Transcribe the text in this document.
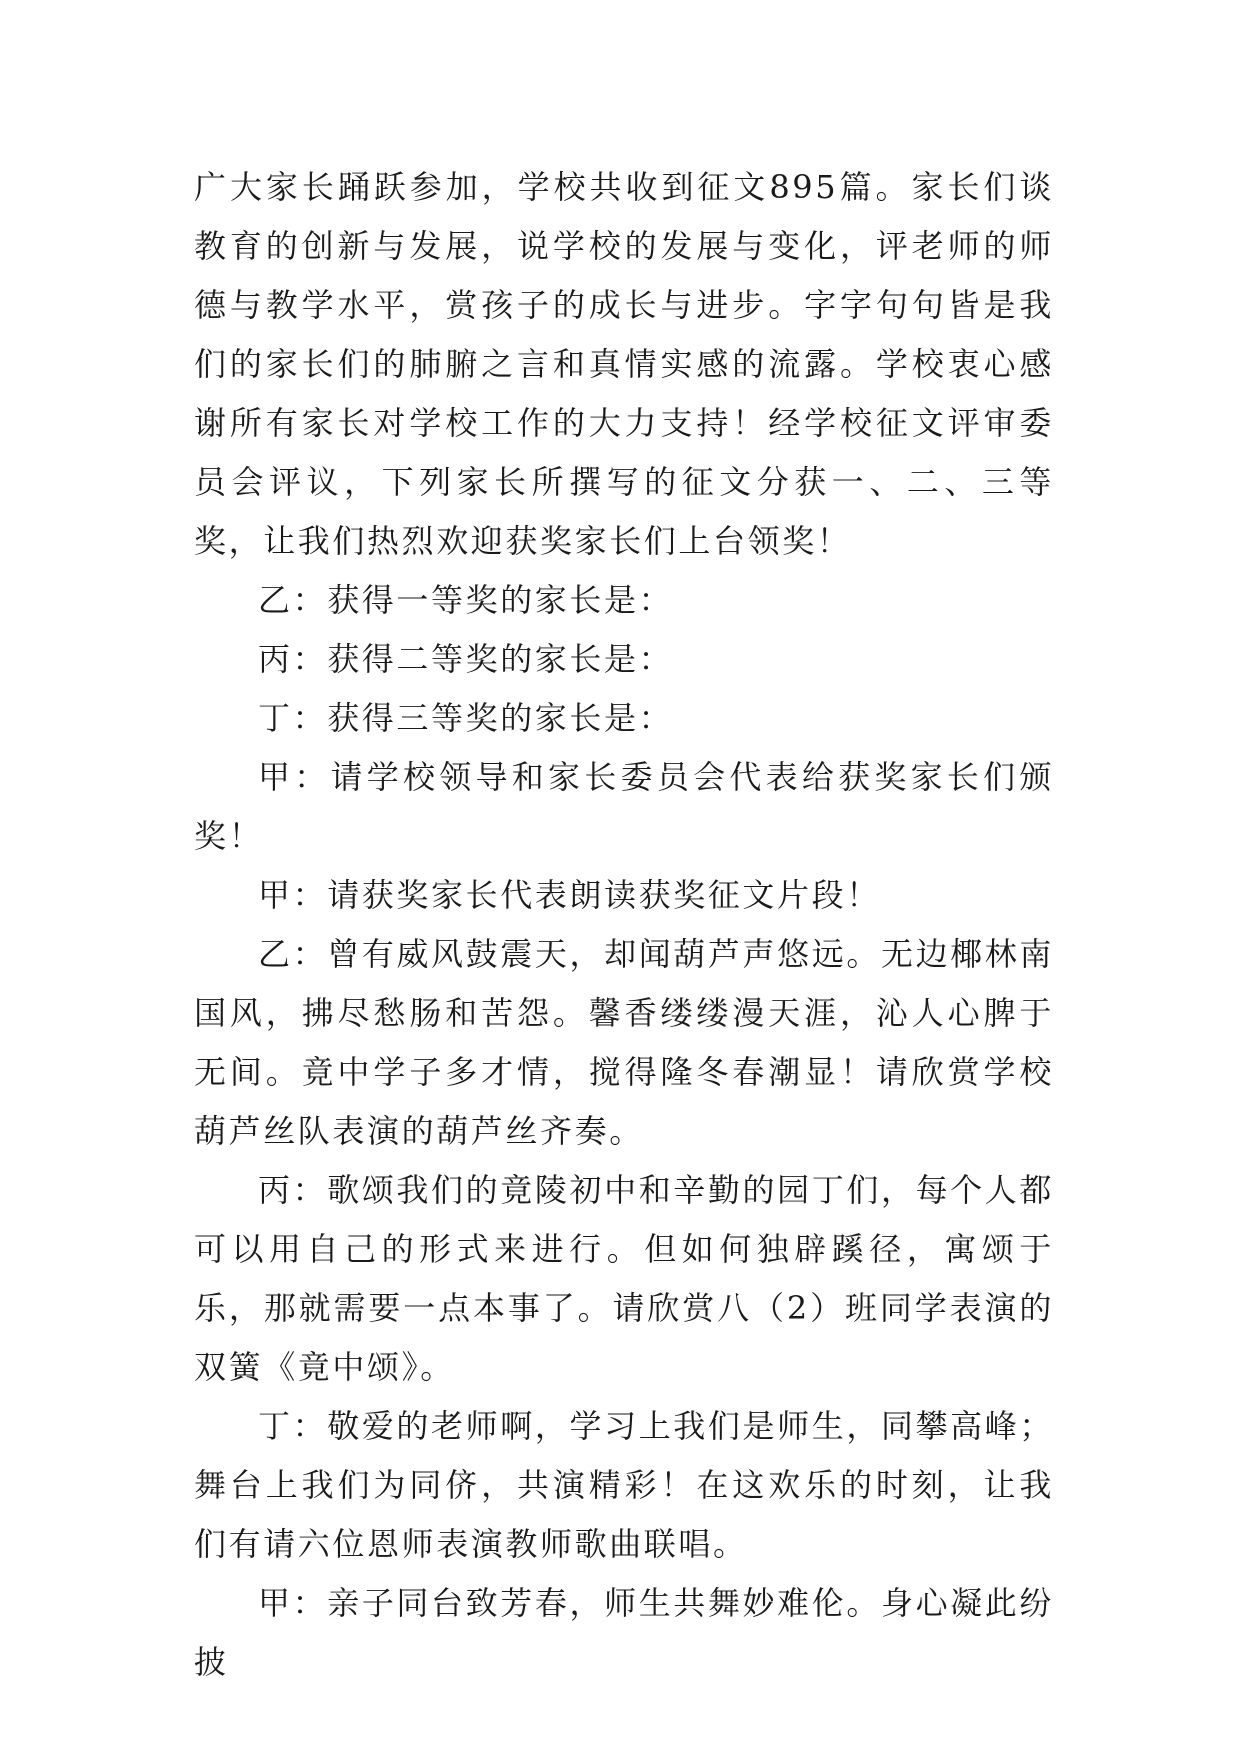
广大家长踊跃参加，学校共收到征文895篇。家长们谈教育的创新与发展，说学校的发展与变化，评老师的师德与教学水平，赏孩子的成长与进步。字字句句皆是我们的家长们的肺腑之言和真情实感的流露。学校衷心感谢所有家长对学校工作的大力支持！经学校征文评审委员会评议，下列家长所撰写的征文分获一、二、三等奖，让我们热烈欢迎获奖家长们上台领奖！

乙：获得一等奖的家长是：

丙：获得二等奖的家长是：

丁：获得三等奖的家长是：

甲：请学校领导和家长委员会代表给获奖家长们颁奖！

甲：请获奖家长代表朗读获奖征文片段！

乙：曾有威风鼓震天，却闻葫芦声悠远。无边椰林南国风，拂尽愁肠和苦怨。馨香缕缕漫天涯，沁人心脾于无间。竟中学子多才情，搅得隆冬春潮显！请欣赏学校葫芦丝队表演的葫芦丝齐奏。

丙：歌颂我们的竟陵初中和辛勤的园丁们，每个人都可以用自己的形式来进行。但如何独辟蹊径，寓颂于乐，那就需要一点本事了。请欣赏八（2）班同学表演的双簧《竟中颂》。

丁：敬爱的老师啊，学习上我们是师生，同攀高峰；舞台上我们为同侪，共演精彩！在这欢乐的时刻，让我们有请六位恩师表演教师歌曲联唱。

甲：亲子同台致芳春，师生共舞妙难伦。身心凝此纷披
